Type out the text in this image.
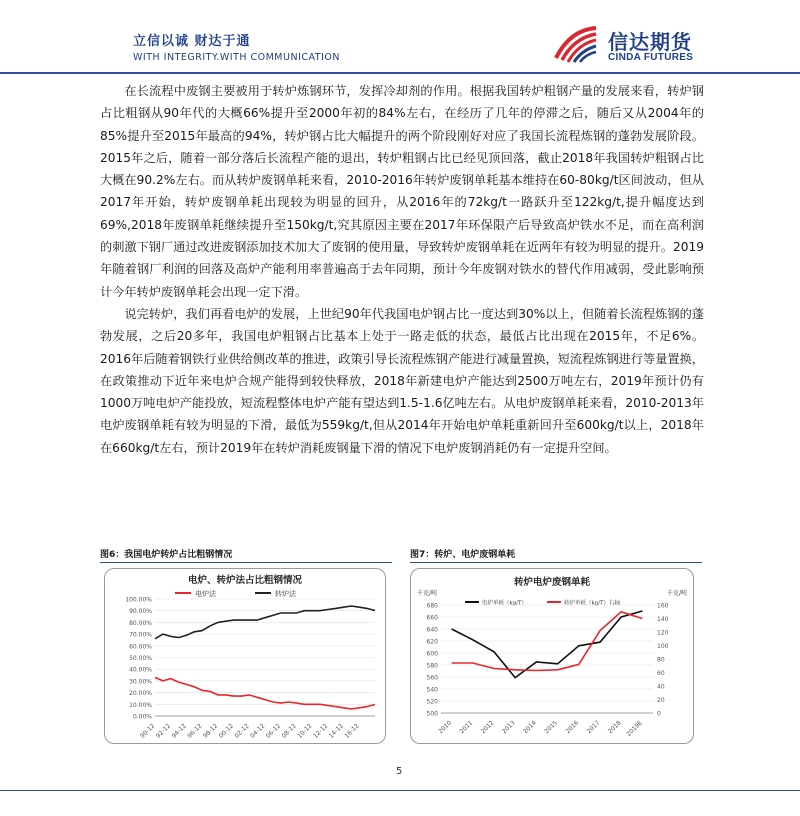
立信以诚 财达于通
WITH INTEGRITY.WITH COMMUNICATION
信达期货
CINDA FUTURES

在长流程中废钢主要被用于转炉炼钢环节，发挥冷却剂的作用。根据我国转炉粗钢产量的发展来看，转炉钢占比粗钢从90年代的大概66%提升至2000年初的84%左右，在经历了几年的停滞之后，随后又从2004年的85%提升至2015年最高的94%，转炉钢占比大幅提升的两个阶段刚好对应了我国长流程炼钢的蓬勃发展阶段。2015年之后，随着一部分落后长流程产能的退出，转炉粗钢占比已经见顶回落，截止2018年我国转炉粗钢占比大概在90.2%左右。而从转炉废钢单耗来看，2010-2016年转炉废钢单耗基本维持在60-80kg/t区间波动，但从2017年开始，转炉废钢单耗出现较为明显的回升，从2016年的72kg/t一路跃升至122kg/t,提升幅度达到69%,2018年废钢单耗继续提升至150kg/t,究其原因主要在2017年环保限产后导致高炉铁水不足，而在高利润的刺激下钢厂通过改进废钢添加技术加大了废钢的使用量，导致转炉废钢单耗在近两年有较为明显的提升。2019年随着钢厂利润的回落及高炉产能利用率普遍高于去年同期，预计今年废钢对铁水的替代作用减弱，受此影响预计今年转炉废钢单耗会出现一定下滑。

说完转炉，我们再看电炉的发展，上世纪90年代我国电炉钢占比一度达到30%以上，但随着长流程炼钢的蓬勃发展，之后20多年，我国电炉粗钢占比基本上处于一路走低的状态，最低占比出现在2015年，不足6%。2016年后随着钢铁行业供给侧改革的推进，政策引导长流程炼钢产能进行减量置换，短流程炼钢进行等量置换，在政策推动下近年来电炉合规产能得到较快释放，2018年新建电炉产能达到2500万吨左右，2019年预计仍有1000万吨电炉产能投放，短流程整体电炉产能有望达到1.5-1.6亿吨左右。从电炉废钢单耗来看，2010-2013年电炉废钢单耗有较为明显的下滑，最低为559kg/t,但从2014年开始电炉单耗重新回升至600kg/t以上，2018年在660kg/t左右，预计2019年在转炉消耗废钢量下滑的情况下电炉废钢消耗仍有一定提升空间。

图6：我国电炉转炉占比粗钢情况
电炉、转炉法占比粗钢情况
电炉法	转炉法
0.00%
10.00%
20.00%
30.00%
40.00%
50.00%
60.00%
70.00%
80.00%
90.00%
100.00%
90-12
92-12
94-12
96-12
98-12
00-12
02-12
04-12
06-12
08-12
10-12
12-12
14-12
16-12
图7：转炉、电炉废钢单耗
转炉电炉废钢单耗
千克/吨	千克/吨
电炉单耗（kg/T）	转炉单耗（kg/T）右轴
500
520
540
560
580
600
620
640
660
680
0
20
40
60
80
100
120
140
160
2010 2011 2012 2013 2014 2015 2016 2017 2018 2019E
5
